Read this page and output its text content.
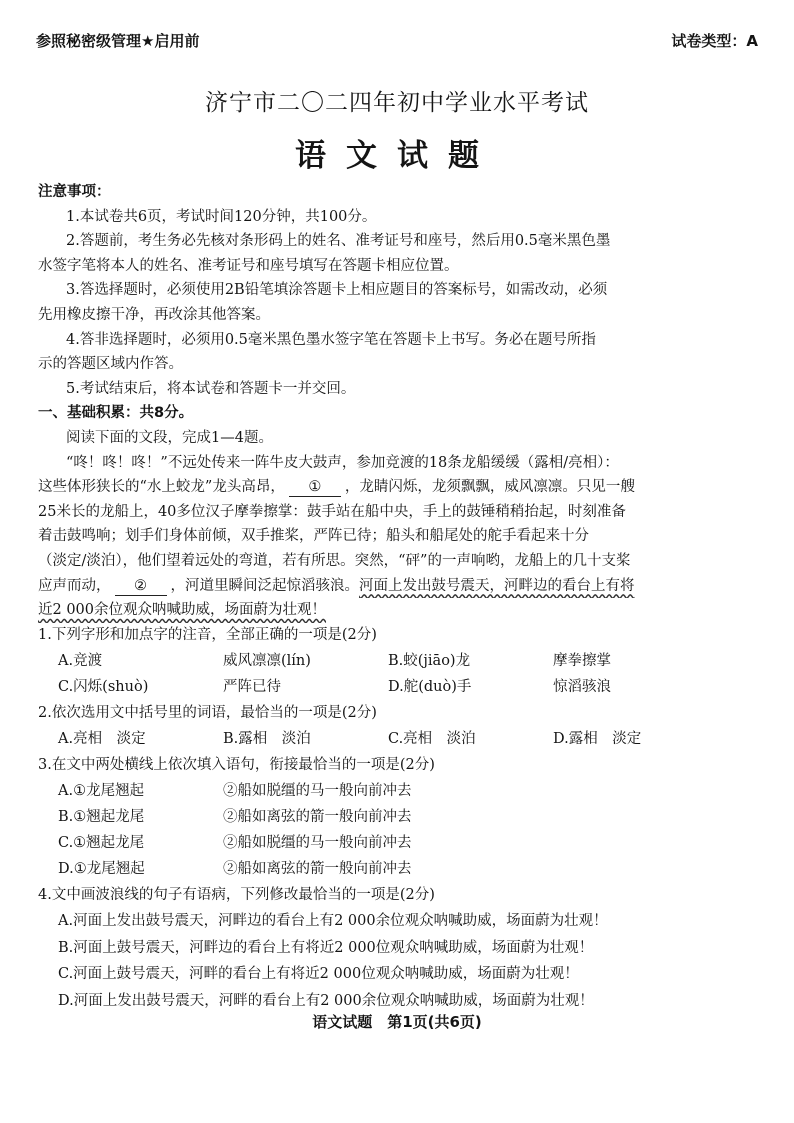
参照秘密级管理★启用前	试卷类型：A
济宁市二〇二四年初中学业水平考试
语文试题
注意事项：
1.本试卷共6页，考试时间120分钟，共100分。
2.答题前，考生务必先核对条形码上的姓名、准考证号和座号，然后用0.5毫米黑色墨
水签字笔将本人的姓名、准考证号和座号填写在答题卡相应位置。
3.答选择题时，必须使用2B铅笔填涂答题卡上相应题目的答案标号，如需改动，必须
先用橡皮擦干净，再改涂其他答案。
4.答非选择题时，必须用0.5毫米黑色墨水签字笔在答题卡上书写。务必在题号所指
示的答题区域内作答。
5.考试结束后，将本试卷和答题卡一并交回。
一、基础积累：共8分。
阅读下面的文段，完成1—4题。
“咚！咚！咚！”不远处传来一阵牛皮大鼓声，参加竞渡的18条龙船缓缓（露相/亮相）：
这些体形狭长的“水上蛟龙”龙头高昂， ① ，龙睛闪烁，龙须飘飘，威风凛凛。只见一艘
25米长的龙船上，40多位汉子摩拳擦掌：鼓手站在船中央，手上的鼓锤稍稍抬起，时刻准备
着击鼓鸣响；划手们身体前倾，双手推桨，严阵已待；船头和船尾处的舵手看起来十分
（淡定/淡泊），他们望着远处的弯道，若有所思。突然，“砰”的一声响哟，龙船上的几十支桨
应声而动， ② ，河道里瞬间泛起惊滔骇浪。河面上发出鼓号震天，河畔边的看台上有将
近2 000余位观众呐喊助威，场面蔚为壮观！
1.下列字形和加点字的注音，全部正确的一项是(2分)
A.竞渡	威风凛凛(lín)	B.蛟(jiāo)龙	摩拳擦掌
C.闪烁(shuò)	严阵已待	D.舵(duò)手	惊滔骇浪
2.依次选用文中括号里的词语，最恰当的一项是(2分)
A.亮相　淡定	B.露相　淡泊	C.亮相　淡泊	D.露相　淡定
3.在文中两处横线上依次填入语句，衔接最恰当的一项是(2分)
A.①龙尾翘起	②船如脱缰的马一般向前冲去
B.①翘起龙尾	②船如离弦的箭一般向前冲去
C.①翘起龙尾	②船如脱缰的马一般向前冲去
D.①龙尾翘起	②船如离弦的箭一般向前冲去
4.文中画波浪线的句子有语病，下列修改最恰当的一项是(2分)
A.河面上发出鼓号震天，河畔边的看台上有2 000余位观众呐喊助威，场面蔚为壮观！
B.河面上鼓号震天，河畔边的看台上有将近2 000位观众呐喊助威，场面蔚为壮观！
C.河面上鼓号震天，河畔的看台上有将近2 000位观众呐喊助威，场面蔚为壮观！
D.河面上发出鼓号震天，河畔的看台上有2 000余位观众呐喊助威，场面蔚为壮观！
语文试题　第1页(共6页)
